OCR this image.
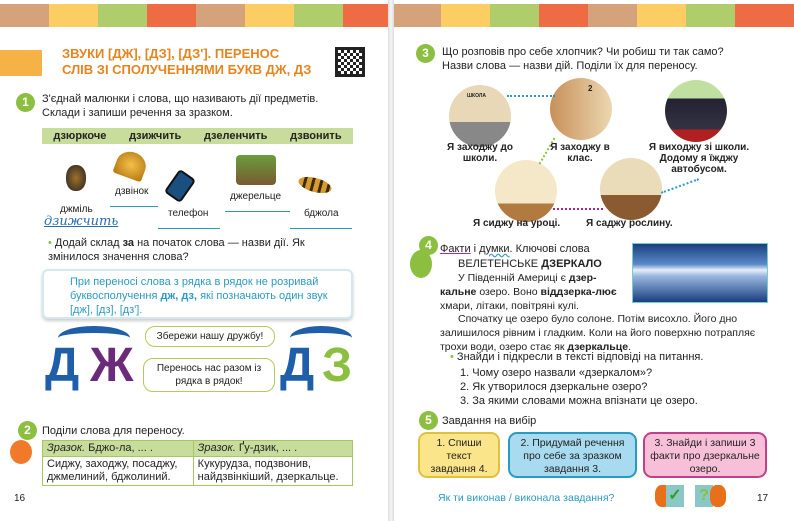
ЗВУКИ [ДЖ], [ДЗ], [ДЗ']. ПЕРЕНОС
СЛІВ ЗІ СПОЛУЧЕННЯМИ БУКВ ДЖ, ДЗ
1	З'єднай малюнки і слова, що називають дії предметів.
Склади і запиши речення за зразком.
дзюркоче дзижчить дзеленчить дзвонить
джміль
дзвінок
телефон
джерельце
бджола
дзижчить
• Додай склад за на початок слова — назви дії. Як змінилося значення слова?
При переносі слова з рядка в рядок не розривай буквосполучення дж, дз, які позначають один звук [дж], [дз], [дз'].
Д Ж	Д З
Збережи нашу дружбу!
Перенось нас разом із рядка в рядок!
2	Поділи слова для переносу.
Зразок. Бджо-ла, ... .	Зразок. Ґу-дзик, ... .
Сиджу, заходжу, посаджу, джмелиний, бджолиний.	Кукурудза, подзвонив, найдзвінкіший, дзеркальце.
16
3	Що розповів про себе хлопчик? Чи робиш ти так само?
Назви слова — назви дій. Поділи їх для переносу.
ШКОЛА
2
Я заходжу до школи.
Я заходжу в клас.
Я виходжу зі школи. Додому я їжджу автобусом.
Я сиджу на уроці.	Я саджу рослину.
4 Факти і думки. Ключові слова
ВЕЛЕТЕНСЬКЕ ДЗЕРКАЛО
У Південній Америці є дзер-кальне озеро. Воно віддзерка-лює хмари, літаки, повітряні кулі.
Спочатку це озеро було солоне. Потім висохло. Його дно залишилося рівним і гладким. Коли на його поверхню потрапляє трохи води, озеро стає як дзеркальце.
• Знайди і підкресли в тексті відповіді на питання.
1. Чому озеро назвали «дзеркалом»?
2. Як утворилося дзеркальне озеро?
3. За якими словами можна впізнати це озеро.
5 Завдання на вибір
1. Спиши текст завдання 4.
2. Придумай речення про себе за зразком завдання 3.
3. Знайди і запиши 3 факти про дзеркальне озеро.
Як ти виконав / виконала завдання?	✓ ?	17
